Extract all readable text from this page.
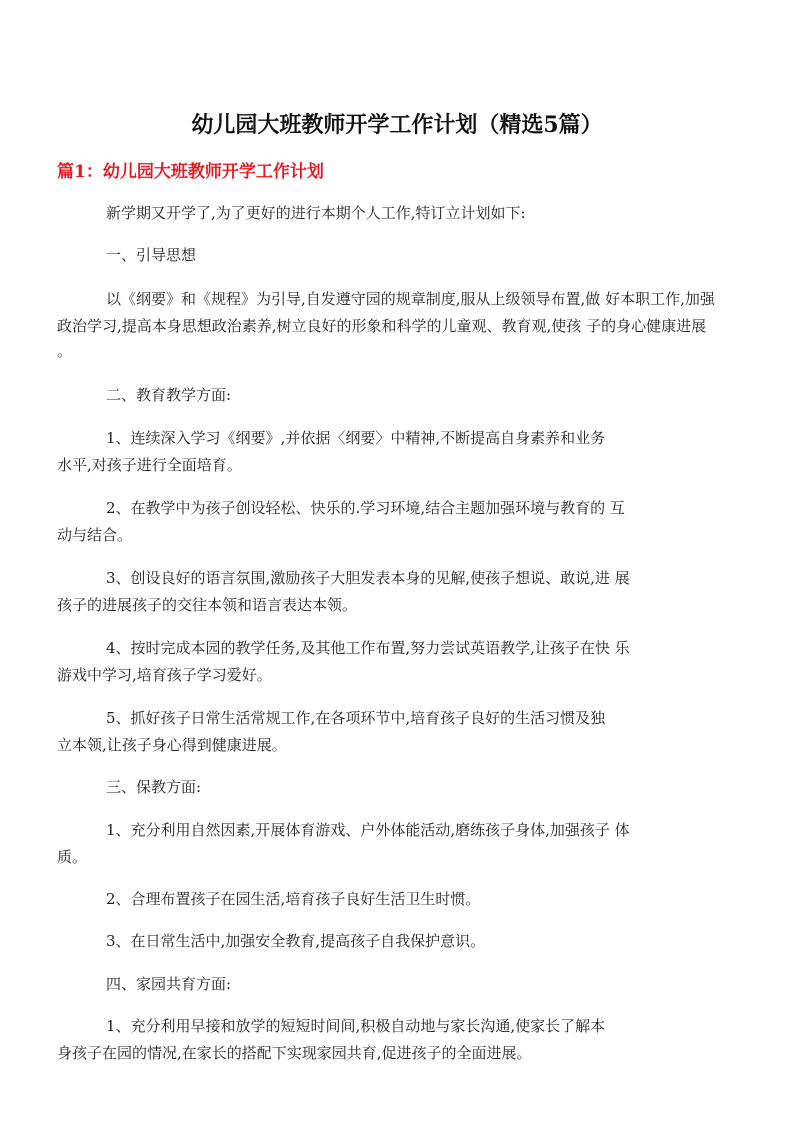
幼儿园大班教师开学工作计划（精选5篇）
篇1：幼儿园大班教师开学工作计划
新学期又开学了,为了更好的进行本期个人工作,特订立计划如下:
一、引导思想
以《纲要》和《规程》为引导,自发遵守园的规章制度,服从上级领导布置,做 好本职工作,加强
政治学习,提高本身思想政治素养,树立良好的形象和科学的儿童观、教育观,使孩 子的身心健康进展
。
二、教育教学方面:
1、连续深入学习《纲要》,并依据〈纲要〉中精神,不断提高自身素养和业务
水平,对孩子进行全面培育。
2、在教学中为孩子创设轻松、快乐的.学习环境,结合主题加强环境与教育的 互
动与结合。
3、创设良好的语言氛围,激励孩子大胆发表本身的见解,使孩子想说、敢说,进 展
孩子的进展孩子的交往本领和语言表达本领。
4、按时完成本园的教学任务,及其他工作布置,努力尝试英语教学,让孩子在快 乐
游戏中学习,培育孩子学习爱好。
5、抓好孩子日常生活常规工作,在各项环节中,培育孩子良好的生活习惯及独
立本领,让孩子身心得到健康进展。
三、保教方面:
1、充分利用自然因素,开展体育游戏、户外体能活动,磨练孩子身体,加强孩子 体
质。
2、合理布置孩子在园生活,培育孩子良好生活卫生时惯。
3、在日常生活中,加强安全教育,提高孩子自我保护意识。
四、家园共育方面:
1、充分利用早接和放学的短短时间间,积极自动地与家长沟通,使家长了解本
身孩子在园的情况,在家长的搭配下实现家园共育,促进孩子的全面进展。
